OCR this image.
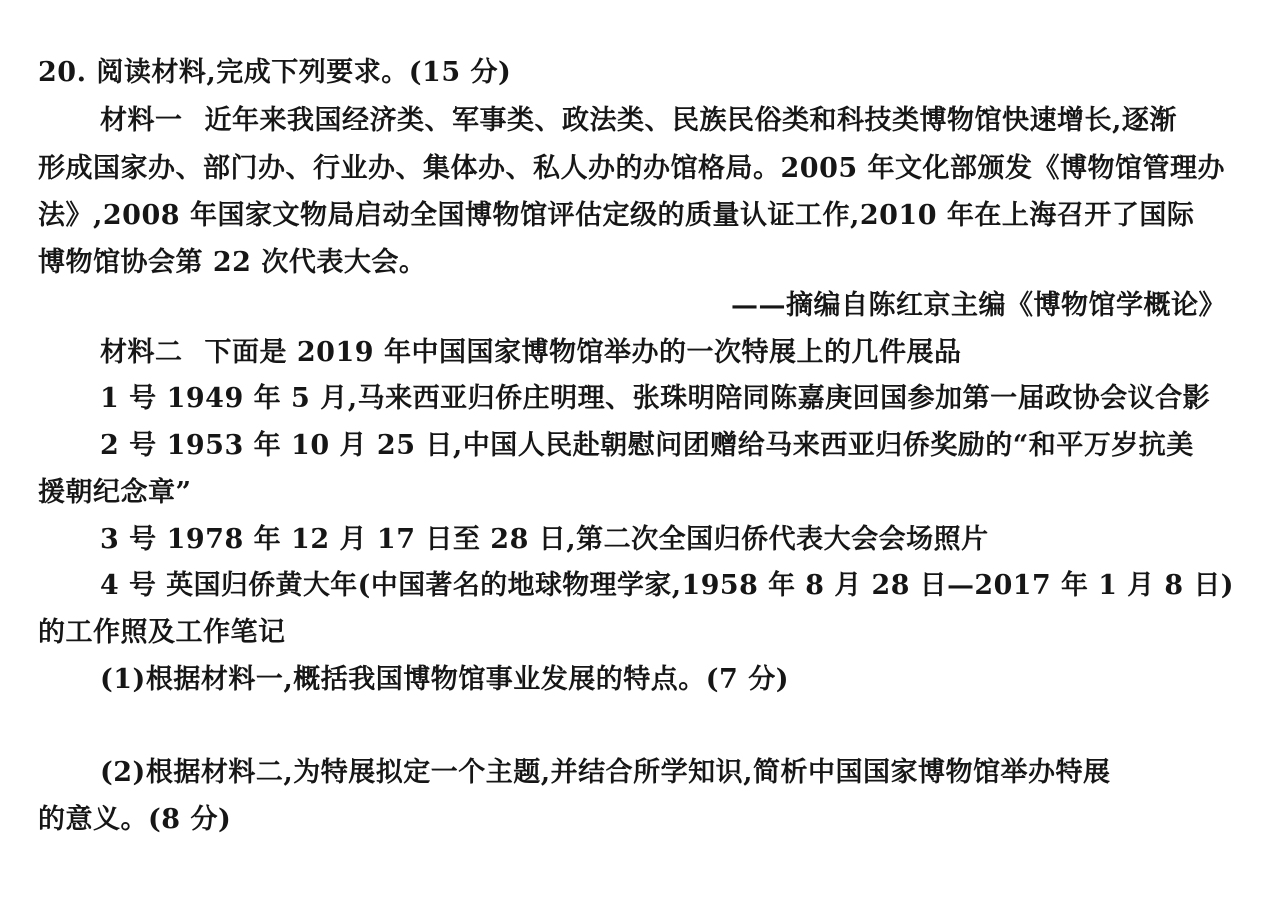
20. 阅读材料,完成下列要求。(15 分)
材料一 近年来我国经济类、军事类、政法类、民族民俗类和科技类博物馆快速增长,逐渐
形成国家办、部门办、行业办、集体办、私人办的办馆格局。2005 年文化部颁发《博物馆管理办
法》,2008 年国家文物局启动全国博物馆评估定级的质量认证工作,2010 年在上海召开了国际
博物馆协会第 22 次代表大会。
——摘编自陈红京主编《博物馆学概论》
材料二 下面是 2019 年中国国家博物馆举办的一次特展上的几件展品
1 号 1949 年 5 月,马来西亚归侨庄明理、张珠明陪同陈嘉庚回国参加第一届政协会议合影
2 号 1953 年 10 月 25 日,中国人民赴朝慰问团赠给马来西亚归侨奖励的“和平万岁抗美
援朝纪念章”
3 号 1978 年 12 月 17 日至 28 日,第二次全国归侨代表大会会场照片
4 号 英国归侨黄大年(中国著名的地球物理学家,1958 年 8 月 28 日—2017 年 1 月 8 日)
的工作照及工作笔记
(1)根据材料一,概括我国博物馆事业发展的特点。(7 分)
(2)根据材料二,为特展拟定一个主题,并结合所学知识,简析中国国家博物馆举办特展
的意义。(8 分)
